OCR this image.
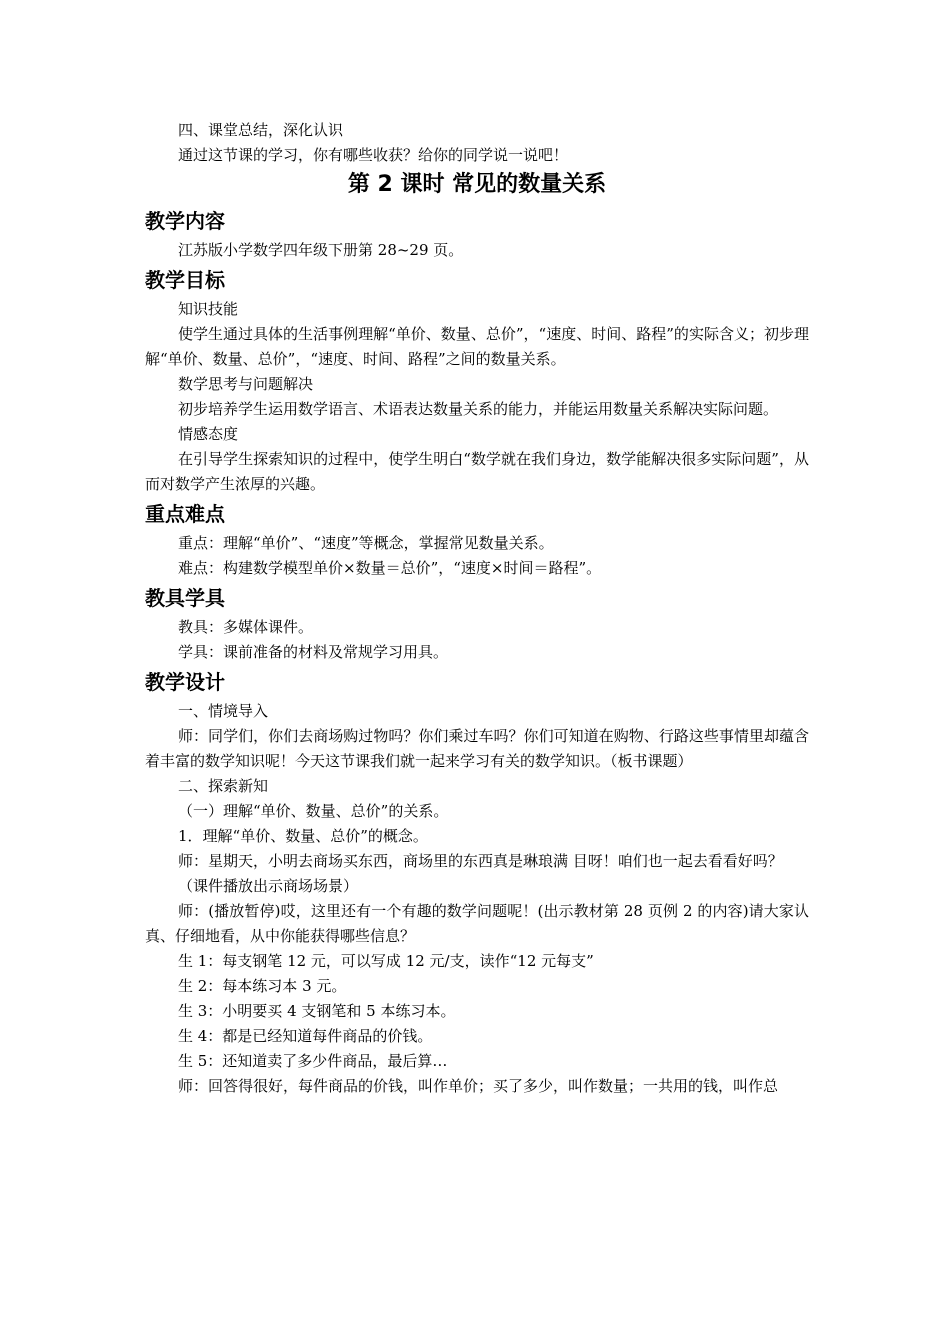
四、课堂总结，深化认识

通过这节课的学习，你有哪些收获？给你的同学说一说吧！

第 2 课时 常见的数量关系
教学内容

江苏版小学数学四年级下册第 28~29 页。

教学目标

知识技能

使学生通过具体的生活事例理解“单价、数量、总价”，“速度、时间、路程”的实际含义；初步理解“单价、数量、总价”，“速度、时间、路程”之间的数量关系。

数学思考与问题解决

初步培养学生运用数学语言、术语表达数量关系的能力，并能运用数量关系解决实际问题。

情感态度

在引导学生探索知识的过程中，使学生明白“数学就在我们身边，数学能解决很多实际问题”，从而对数学产生浓厚的兴趣。

重点难点

重点：理解“单价”、“速度”等概念，掌握常见数量关系。

难点：构建数学模型单价×数量＝总价”，“速度×时间＝路程”。

教具学具

教具：多媒体课件。

学具：课前准备的材料及常规学习用具。

教学设计

一、情境导入

师：同学们，你们去商场购过物吗？你们乘过车吗？你们可知道在购物、行路这些事情里却蕴含着丰富的数学知识呢！今天这节课我们就一起来学习有关的数学知识。（板书课题）

二、探索新知

（一）理解“单价、数量、总价”的关系。

1．理解“单价、数量、总价”的概念。

师：星期天，小明去商场买东西，商场里的东西真是琳琅满 目呀！咱们也一起去看看好吗？

（课件播放出示商场场景）

师：(播放暂停)哎，这里还有一个有趣的数学问题呢！(出示教材第 28 页例 2 的内容)请大家认真、仔细地看，从中你能获得哪些信息？

生 1：每支钢笔 12 元，可以写成 12 元/支，读作“12 元每支”

生 2：每本练习本 3 元。

生 3：小明要买 4 支钢笔和 5 本练习本。

生 4：都是已经知道每件商品的价钱。

生 5：还知道卖了多少件商品，最后算…

师：回答得很好，每件商品的价钱，叫作单价；买了多少，叫作数量；一共用的钱，叫作总
